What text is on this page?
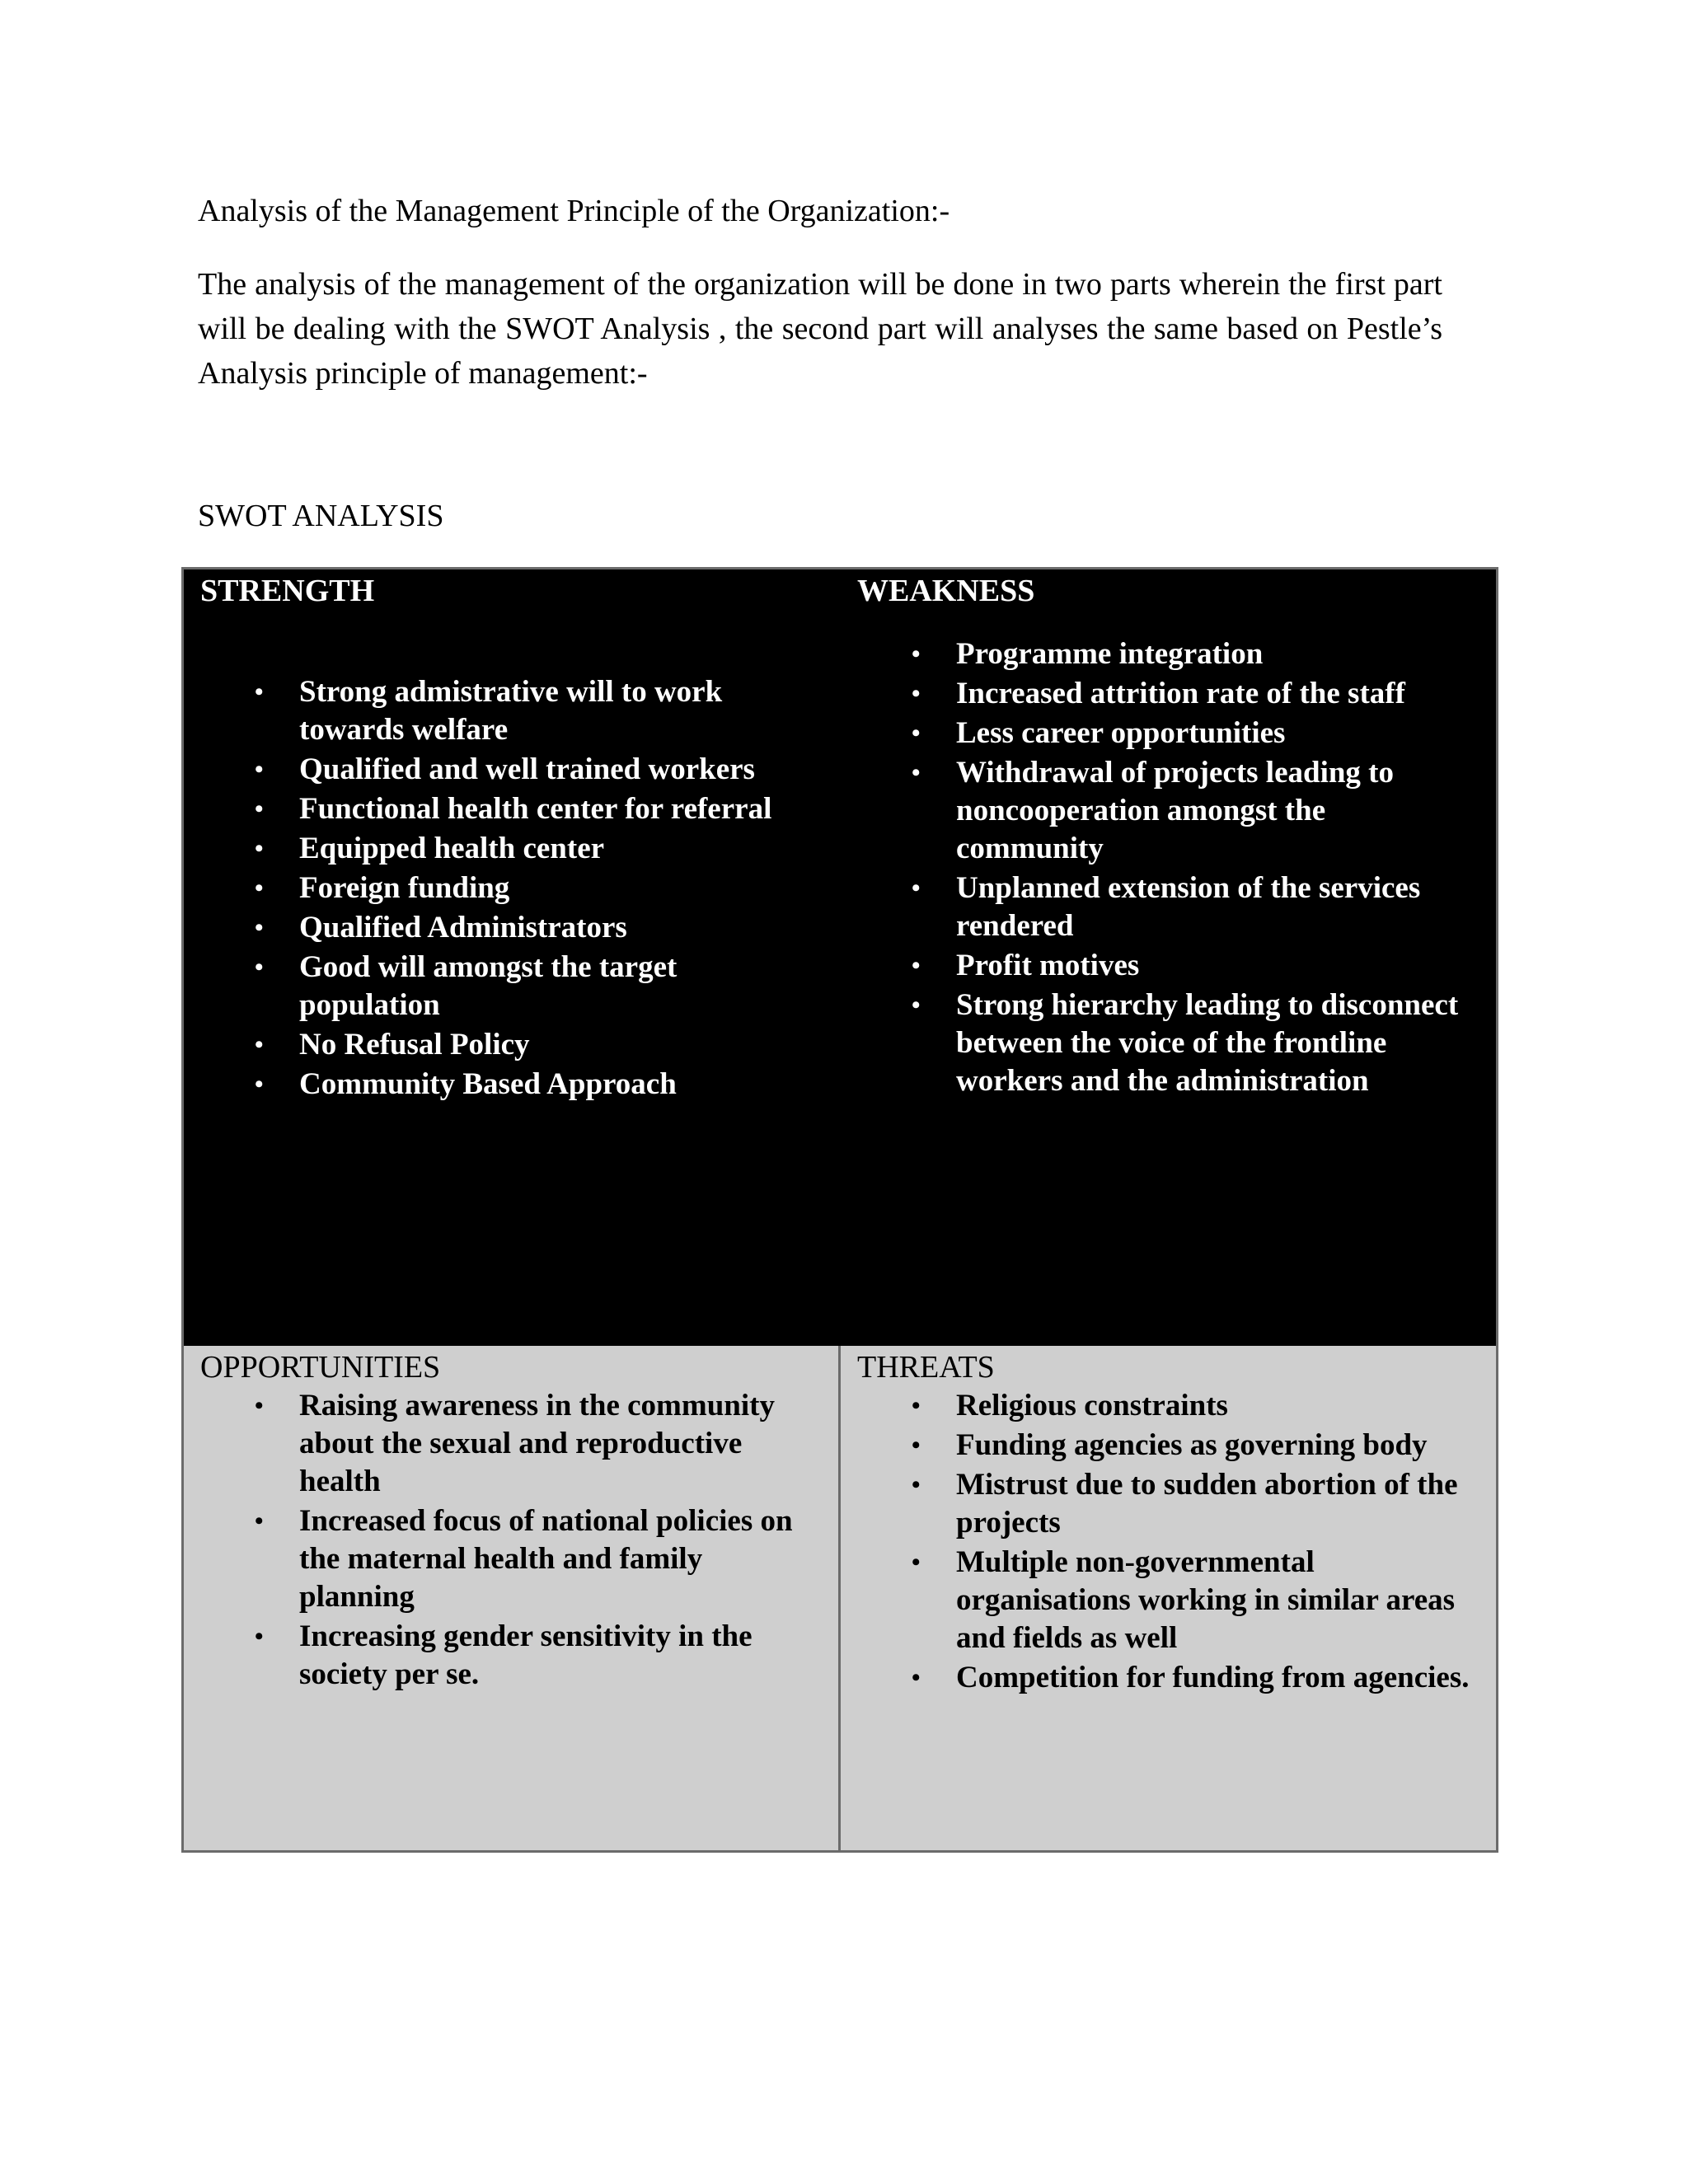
Analysis of the Management Principle of the Organization:-

The analysis of the management of the organization will be done in two parts wherein the first part will be dealing with the SWOT Analysis , the second part will analyses the same based on Pestle’s Analysis principle of management:-

SWOT ANALYSIS
STRENGTH
• Strong admistrative will to work towards welfare
• Qualified and well trained workers
• Functional health center for referral
• Equipped health center
• Foreign funding
• Qualified Administrators
• Good will amongst the target population
• No Refusal Policy
• Community Based Approach
WEAKNESS
• Programme integration
• Increased attrition rate of the staff
• Less career opportunities
• Withdrawal of projects leading to noncooperation amongst the community
• Unplanned extension of the services rendered
• Profit motives
• Strong hierarchy leading to disconnect between the voice of the frontline workers and the administration
OPPORTUNITIES
• Raising awareness in the community about the sexual and reproductive health
• Increased focus of national policies on the maternal health and family planning
• Increasing gender sensitivity in the society per se.
THREATS
• Religious constraints
• Funding agencies as governing body
• Mistrust due to sudden abortion of the projects
• Multiple non-governmental organisations working in similar areas and fields as well
• Competition for funding from agencies.
